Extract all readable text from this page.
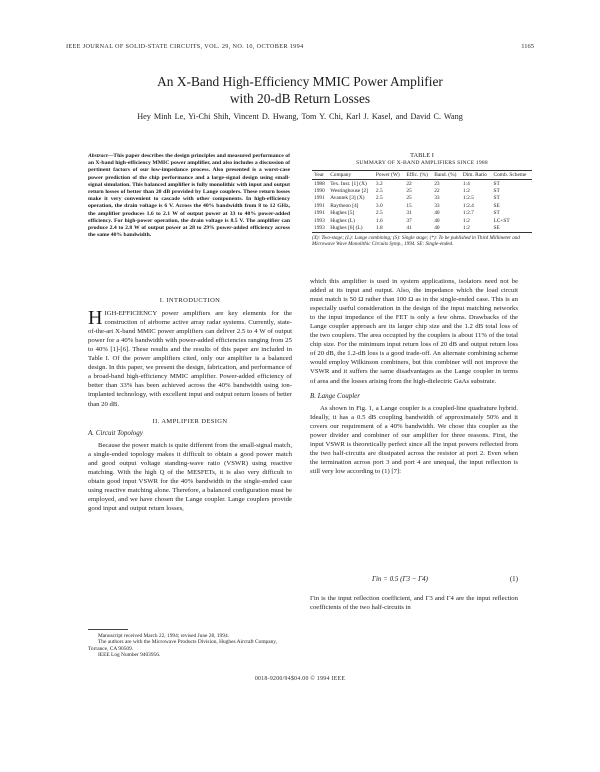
IEEE JOURNAL OF SOLID-STATE CIRCUITS, VOL. 29, NO. 10, OCTOBER 1994	1165
An X-Band High-Efficiency MMIC Power Amplifier
with 20-dB Return Losses
Hey Minh Le, Yi-Chi Shih, Vincent D. Hwang, Tom Y. Chi, Karl J. Kasel, and David C. Wang
Abstract—This paper describes the design principles and measured performance of an X-band high-efficiency MMIC power amplifier, and also includes a discussion of pertinent factors of our low-impedance process. Also presented is a worst-case power prediction of the chip performance and a large-signal design using small-signal simulation. This balanced amplifier is fully monolithic with input and output return losses of better than 20 dB provided by Lange couplers. These return losses make it very convenient to cascade with other components. In high-efficiency operation, the drain voltage is 6 V. Across the 40% bandwidth from 8 to 12 GHz, the amplifier produces 1.6 to 2.1 W of output power at 33 to 40% power-added efficiency. For high-power operation, the drain voltage is 8.5 V. The amplifier can produce 2.4 to 2.8 W of output power at 28 to 29% power-added efficiency across the same 40% bandwidth.
TABLE I
SUMMARY OF X-BAND AMPLIFIERS SINCE 1988
Year	Company	Power (W)	Effic. (%)	Band. (%)	Dim. Ratio	Comb. Scheme
1988	Tex. Inst. [1] (X)	3.2	22	23	1:4	ST
1990	Westinghouse [2]	2.5	25	22	1:2	ST
1991	Avantek [3] (X)	2.5	25	33	1:2.5	ST
1991	Raytheon [4]	3.0	15	33	1:2.4	SE
1991	Hughes [5]	2.5	31	40	1:2.7	ST
1993	Hughes (L)	1.6	37	40	1:2	LC+ST
1993	Hughes [6] (L)	1.8	41	40	1:2	SE
(X): Two-stage; (L): Lange combining; (S): Single stage; (*): To be published in Third Millimeter and Microwave Wave Monolithic Circuits Symp., 1994. SE: Single-ended.

I. INTRODUCTION

HIGH-EFFICIENCY power amplifiers are key elements for the construction of airborne active array radar systems. Currently, state-of-the-art X-band MMIC power amplifiers can deliver 2.5 to 4 W of output power for a 40% bandwidth with power-added efficiencies ranging from 25 to 40% [1]-[6]. These results and the results of this paper are included in Table I. Of the power amplifiers cited, only our amplifier is a balanced design. In this paper, we present the design, fabrication, and performance of a broad-band high-efficiency MMIC amplifier. Power-added efficiency of better than 33% has been achieved across the 40% bandwidth using ion-implanted technology, with excellent input and output return losses of better than 20 dB.

II. AMPLIFIER DESIGN

A. Circuit Topology

Because the power match is quite different from the small-signal match, a single-ended topology makes it difficult to obtain a good power match and good output voltage standing-wave ratio (VSWR) using reactive matching. With the high Q of the MESFETs, it is also very difficult to obtain good input VSWR for the 40% bandwidth in the single-ended case using reactive matching alone. Therefore, a balanced configuration must be employed, and we have chosen the Lange coupler. Lange couplers provide good input and output return losses,

Manuscript received March 22, 1994; revised June 28, 1994.

The authors are with the Microwave Products Division, Hughes Aircraft Company, Torrance, CA 90509.

IEEE Log Number 9403956.

which this amplifier is used in system applications, isolators need not be added at its input and output. Also, the impedance which the load circuit must match is 50 Ω rather than 100 Ω as in the single-ended case. This is an especially useful consideration in the design of the input matching networks to the input impedance of the FET is only a few ohms. Drawbacks of the Lange coupler approach are its larger chip size and the 1.2 dB total loss of the two couplers. The area occupied by the couplers is about 11% of the total chip size. For the minimum input return loss of 20 dB and output return loss of 20 dB, the 1.2-dB loss is a good trade-off. An alternate combining scheme would employ Wilkinson combiners, but this combiner will not improve the VSWR and it suffers the same disadvantages as the Lange coupler in terms of area and the losses arising from the high-dielectric GaAs substrate.

B. Lange Coupler

As shown in Fig. 1, a Lange coupler is a coupled-line quadrature hybrid. Ideally, it has a 0.5 dB coupling bandwidth of approximately 50% and it covers our requirement of a 40% bandwidth. We chose this coupler as the power divider and combiner of our amplifier for three reasons. First, the input VSWR is theoretically perfect since all the input powers reflected from the two half-circuits are dissipated across the resistor at port 2. Even when the termination across port 3 and port 4 are unequal, the input reflection is still very low according to (1) [7]:

Γin = 0.5 (Γ3 − Γ4)	(1)
Γin is the input reflection coefficient, and Γ3 and Γ4 are the input reflection coefficients of the two half-circuits in
0018-9200/94$04.00 © 1994 IEEE
